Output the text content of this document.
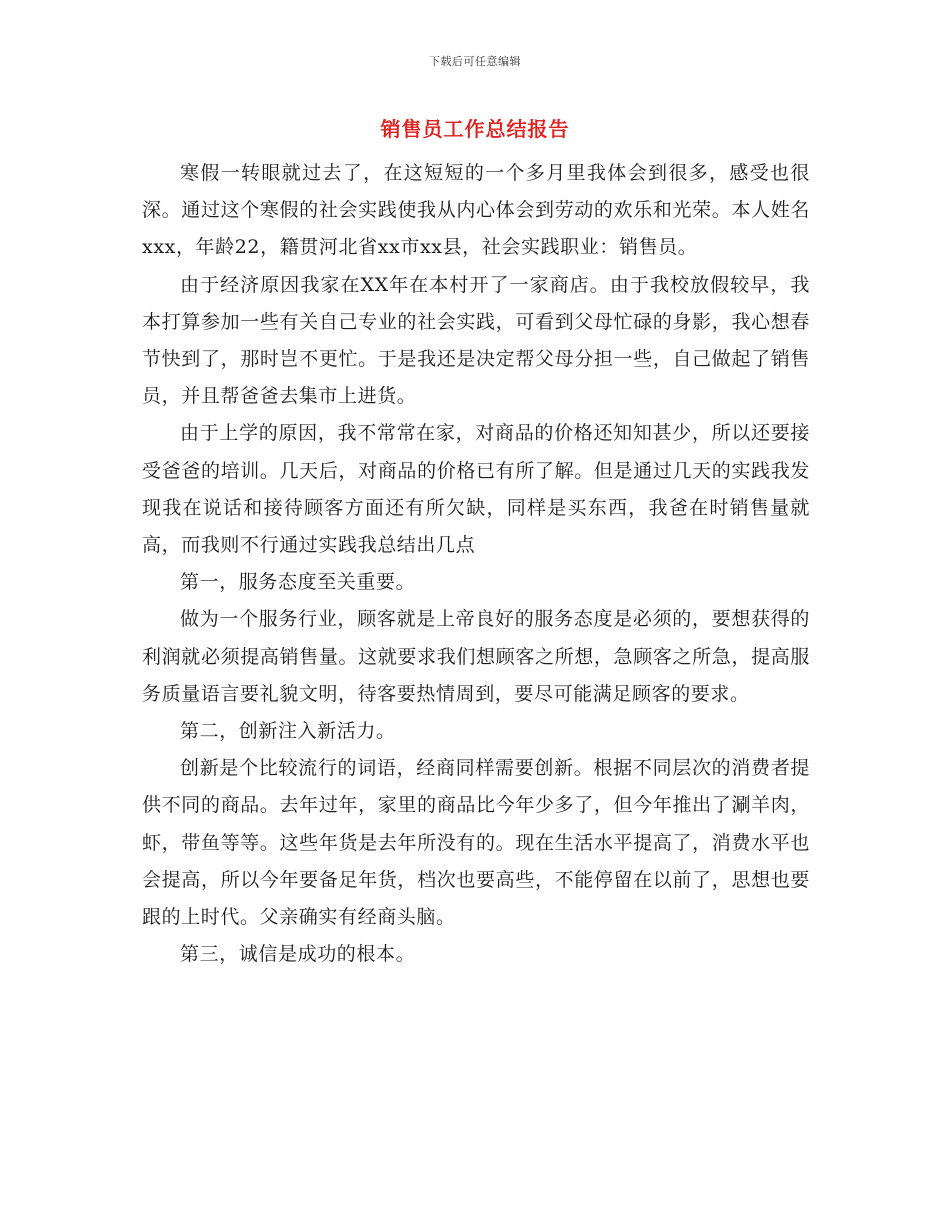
下载后可任意编辑
销售员工作总结报告

寒假一转眼就过去了，在这短短的一个多月里我体会到很多，感受也很深。通过这个寒假的社会实践使我从内心体会到劳动的欢乐和光荣。本人姓名xxx，年龄22，籍贯河北省xx市xx县，社会实践职业：销售员。

由于经济原因我家在XX年在本村开了一家商店。由于我校放假较早，我本打算参加一些有关自己专业的社会实践，可看到父母忙碌的身影，我心想春节快到了，那时岂不更忙。于是我还是决定帮父母分担一些，自己做起了销售员，并且帮爸爸去集市上进货。

由于上学的原因，我不常常在家，对商品的价格还知知甚少，所以还要接受爸爸的培训。几天后，对商品的价格已有所了解。但是通过几天的实践我发现我在说话和接待顾客方面还有所欠缺，同样是买东西，我爸在时销售量就高，而我则不行通过实践我总结出几点

第一，服务态度至关重要。

做为一个服务行业，顾客就是上帝良好的服务态度是必须的，要想获得的利润就必须提高销售量。这就要求我们想顾客之所想，急顾客之所急，提高服务质量语言要礼貌文明，待客要热情周到，要尽可能满足顾客的要求。

第二，创新注入新活力。

创新是个比较流行的词语，经商同样需要创新。根据不同层次的消费者提供不同的商品。去年过年，家里的商品比今年少多了，但今年推出了涮羊肉，虾，带鱼等等。这些年货是去年所没有的。现在生活水平提高了，消费水平也会提高，所以今年要备足年货，档次也要高些，不能停留在以前了，思想也要跟的上时代。父亲确实有经商头脑。

第三，诚信是成功的根本。
